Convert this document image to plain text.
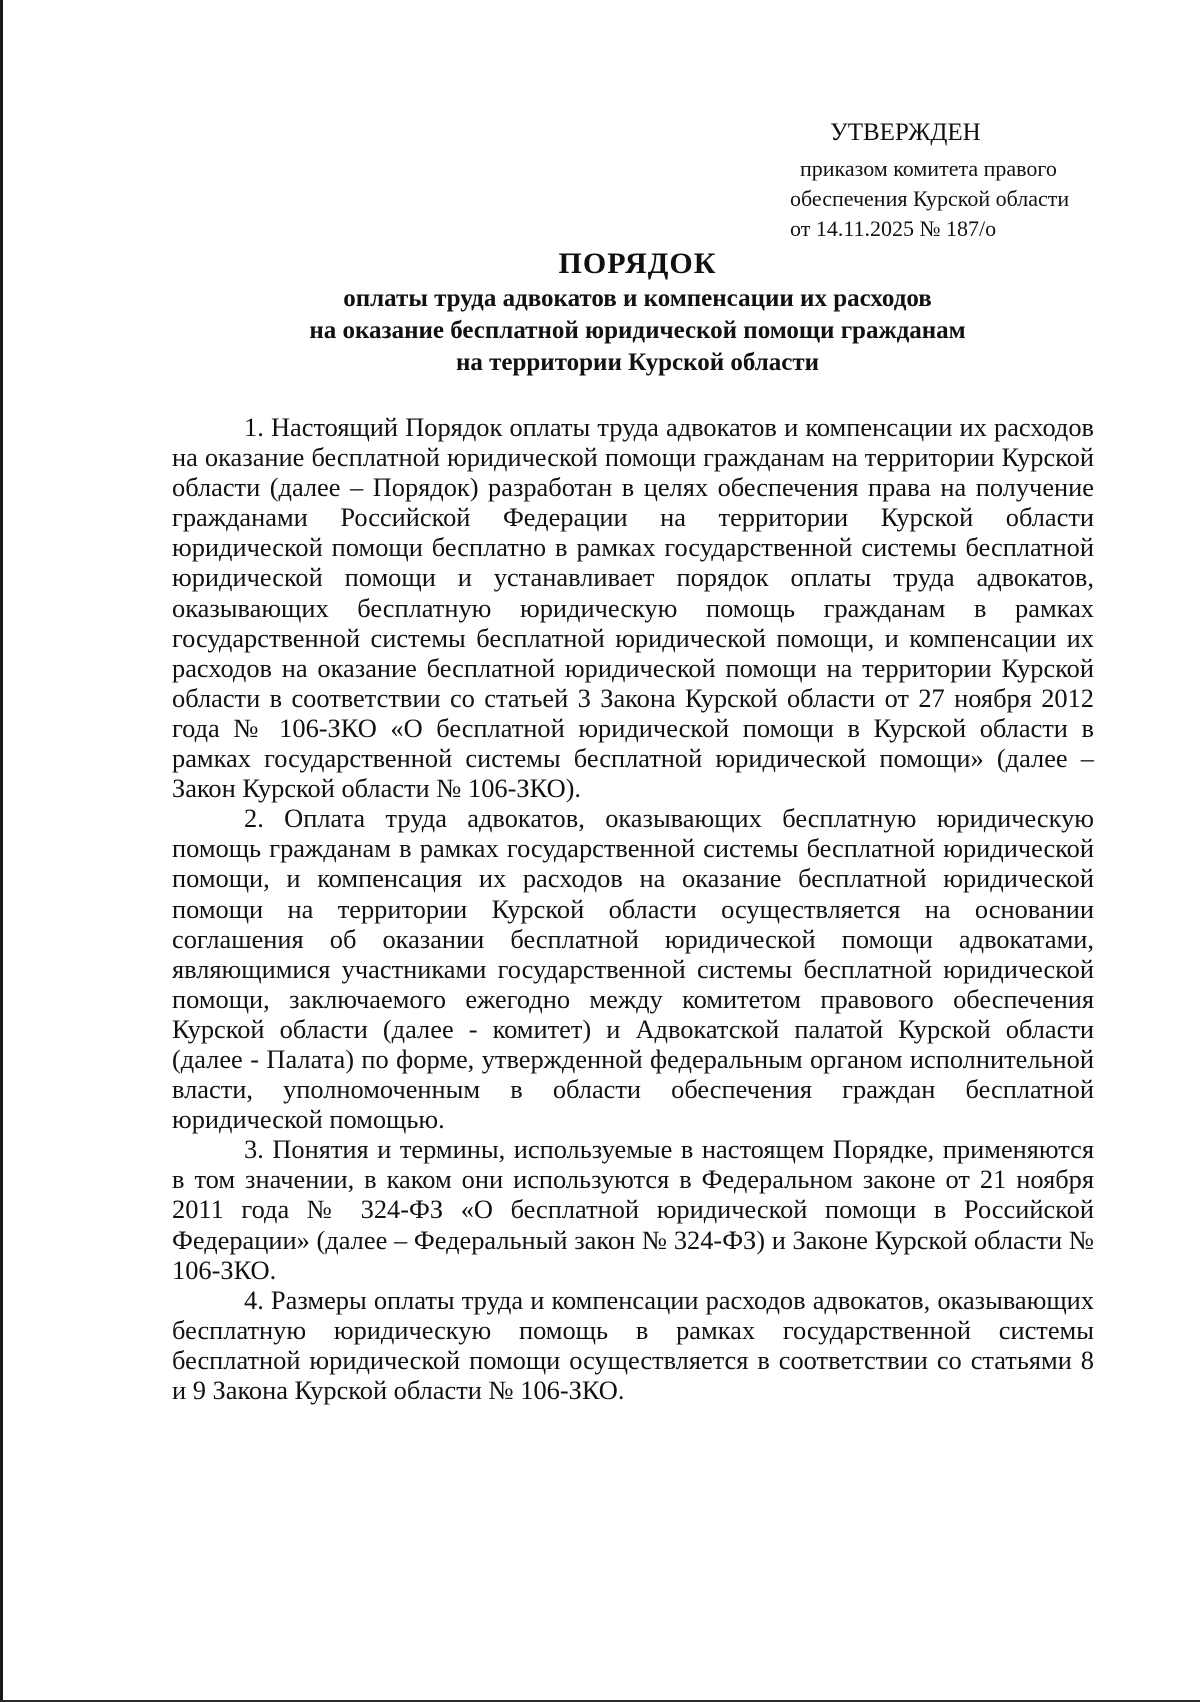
УТВЕРЖДЕН
приказом комитета правого
обеспечения Курской области
от 14.11.2025 № 187/о
ПОРЯДОК
оплаты труда адвокатов и компенсации их расходов
на оказание бесплатной юридической помощи гражданам
на территории Курской области

1. Настоящий Порядок оплаты труда адвокатов и компенсации их расходов на оказание бесплатной юридической помощи гражданам на территории Курской области (далее – Порядок) разработан в целях обеспечения права на получение гражданами Российской Федерации на территории Курской области юридической помощи бесплатно в рамках государственной системы бесплатной юридической помощи и устанавливает порядок оплаты труда адвокатов, оказывающих бесплатную юридическую помощь гражданам в рамках государственной системы бесплатной юридической помощи, и компенсации их расходов на оказание бесплатной юридической помощи на территории Курской области в соответствии со статьей 3 Закона Курской области от 27 ноября 2012 года № 106-ЗКО «О бесплатной юридической помощи в Курской области в рамках государственной системы бесплатной юридической помощи» (далее – Закон Курской области № 106-ЗКО).

2. Оплата труда адвокатов, оказывающих бесплатную юридическую помощь гражданам в рамках государственной системы бесплатной юридической помощи, и компенсация их расходов на оказание бесплатной юридической помощи на территории Курской области осуществляется на основании соглашения об оказании бесплатной юридической помощи адвокатами, являющимися участниками государственной системы бесплатной юридической помощи, заключаемого ежегодно между комитетом правового обеспечения Курской области (далее - комитет) и Адвокатской палатой Курской области (далее - Палата) по форме, утвержденной федеральным органом исполнительной власти, уполномоченным в области обеспечения граждан бесплатной юридической помощью.

3. Понятия и термины, используемые в настоящем Порядке, применяются в том значении, в каком они используются в Федеральном законе от 21 ноября 2011 года № 324-ФЗ «О бесплатной юридической помощи в Российской Федерации» (далее – Федеральный закон № 324-ФЗ) и Законе Курской области № 106-ЗКО.

4. Размеры оплаты труда и компенсации расходов адвокатов, оказывающих бесплатную юридическую помощь в рамках государственной системы бесплатной юридической помощи осуществляется в соответствии со статьями 8 и 9 Закона Курской области № 106-ЗКО.
